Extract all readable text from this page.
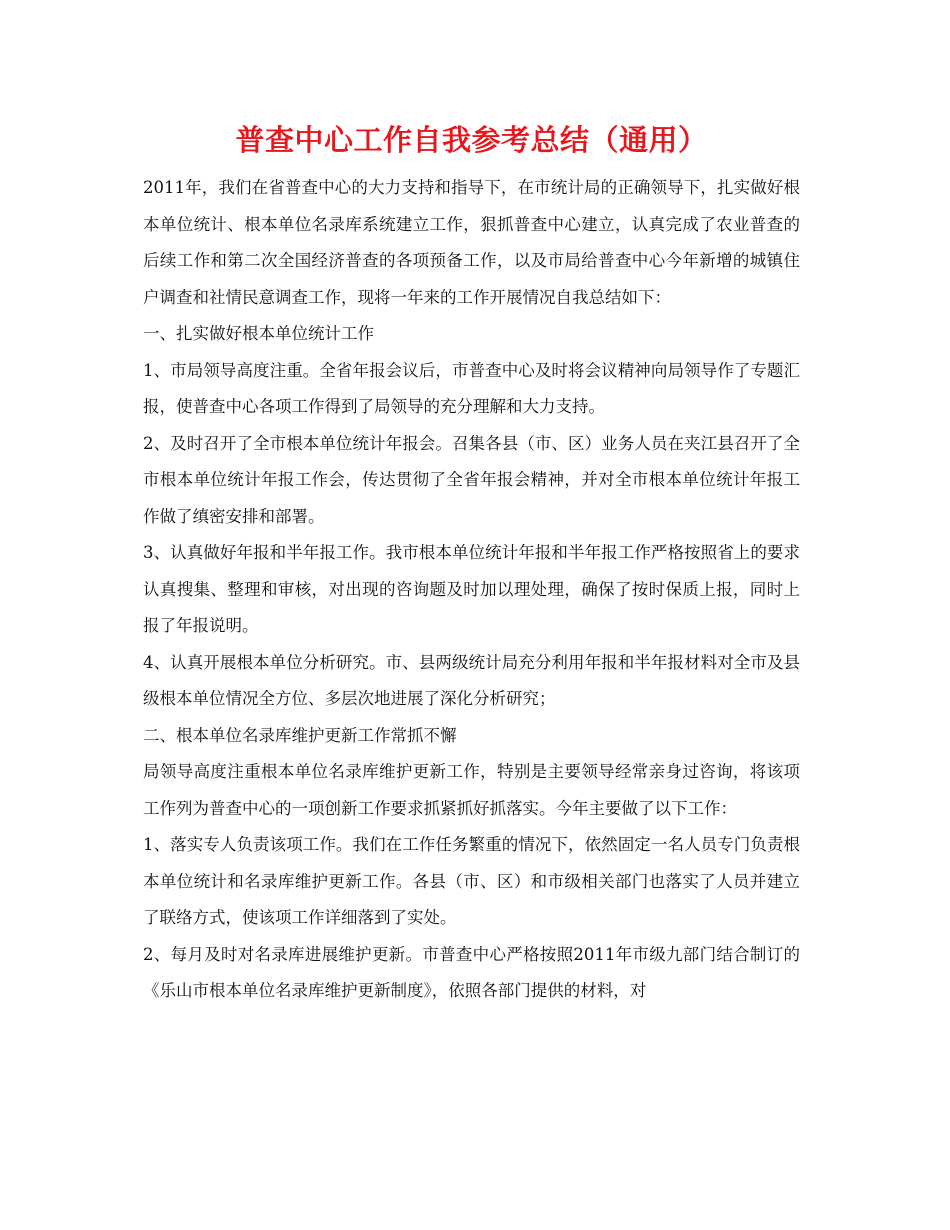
普查中心工作自我参考总结（通用）

2011年，我们在省普查中心的大力支持和指导下，在市统计局的正确领导下，扎实做好根本单位统计、根本单位名录库系统建立工作，狠抓普查中心建立，认真完成了农业普查的后续工作和第二次全国经济普查的各项预备工作，以及市局给普查中心今年新增的城镇住户调查和社情民意调查工作，现将一年来的工作开展情况自我总结如下：

一、扎实做好根本单位统计工作

1、市局领导高度注重。全省年报会议后，市普查中心及时将会议精神向局领导作了专题汇报，使普查中心各项工作得到了局领导的充分理解和大力支持。

2、及时召开了全市根本单位统计年报会。召集各县（市、区）业务人员在夹江县召开了全市根本单位统计年报工作会，传达贯彻了全省年报会精神，并对全市根本单位统计年报工作做了缜密安排和部署。

3、认真做好年报和半年报工作。我市根本单位统计年报和半年报工作严格按照省上的要求认真搜集、整理和审核，对出现的咨询题及时加以理处理，确保了按时保质上报，同时上报了年报说明。

4、认真开展根本单位分析研究。市、县两级统计局充分利用年报和半年报材料对全市及县级根本单位情况全方位、多层次地进展了深化分析研究；

二、根本单位名录库维护更新工作常抓不懈

局领导高度注重根本单位名录库维护更新工作，特别是主要领导经常亲身过咨询，将该项工作列为普查中心的一项创新工作要求抓紧抓好抓落实。今年主要做了以下工作：

1、落实专人负责该项工作。我们在工作任务繁重的情况下，依然固定一名人员专门负责根本单位统计和名录库维护更新工作。各县（市、区）和市级相关部门也落实了人员并建立了联络方式，使该项工作详细落到了实处。

2、每月及时对名录库进展维护更新。市普查中心严格按照2011年市级九部门结合制订的《乐山市根本单位名录库维护更新制度》，依照各部门提供的材料，对
